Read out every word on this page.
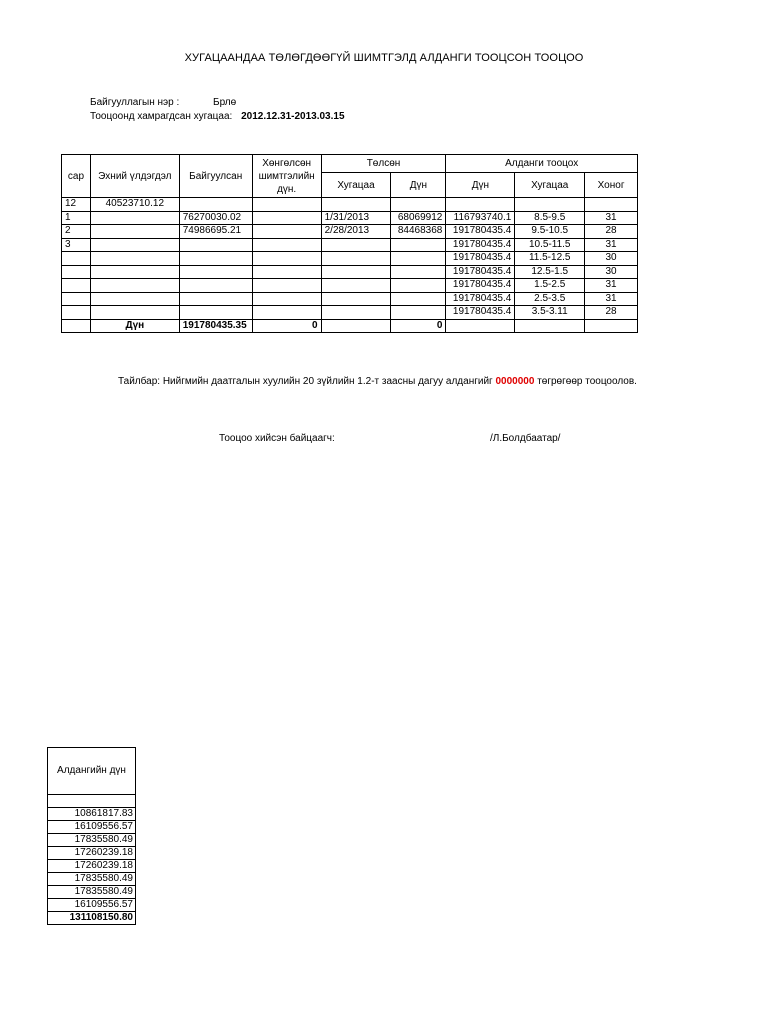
ХУГАЦААНДАА ТӨЛӨГДӨӨГҮЙ ШИМТГЭЛД АЛДАНГИ ТООЦСОН ТООЦОО
Байгууллагын нэр :	Брлө
Тооцоонд хамрагдсан хугацаа: 2012.12.31-2013.03.15
сар	Эхний үлдэгдэл	Байгуулсан	Хөнгөлсөн шимтгэлийн дүн.	Төлсөн		Алданги тооцох		
				Хугацаа	Дүн	Дүн	Хугацаа	Хоног
12	40523710.12							
1		76270030.02		1/31/2013	68069912	116793740.1	8.5-9.5	31
2		74986695.21		2/28/2013	84468368	191780435.4	9.5-10.5	28
3						191780435.4	10.5-11.5	31
						191780435.4	11.5-12.5	30
						191780435.4	12.5-1.5	30
						191780435.4	1.5-2.5	31
						191780435.4	2.5-3.5	31
						191780435.4	3.5-3.11	28
	Дүн	191780435.35	0		0			
Тайлбар: Нийгмийн даатгалын хуулийн 20 зүйлийн 1.2-т заасны дагуу алдангийг 0000000 төгрөгөөр тооцоолов.
Тооцоо хийсэн байцаагч:	/Л.Болдбаатар/
Алдангийн дүн

10861817.83
16109556.57
17835580.49
17260239.18
17260239.18
17835580.49
17835580.49
16109556.57
131108150.80
